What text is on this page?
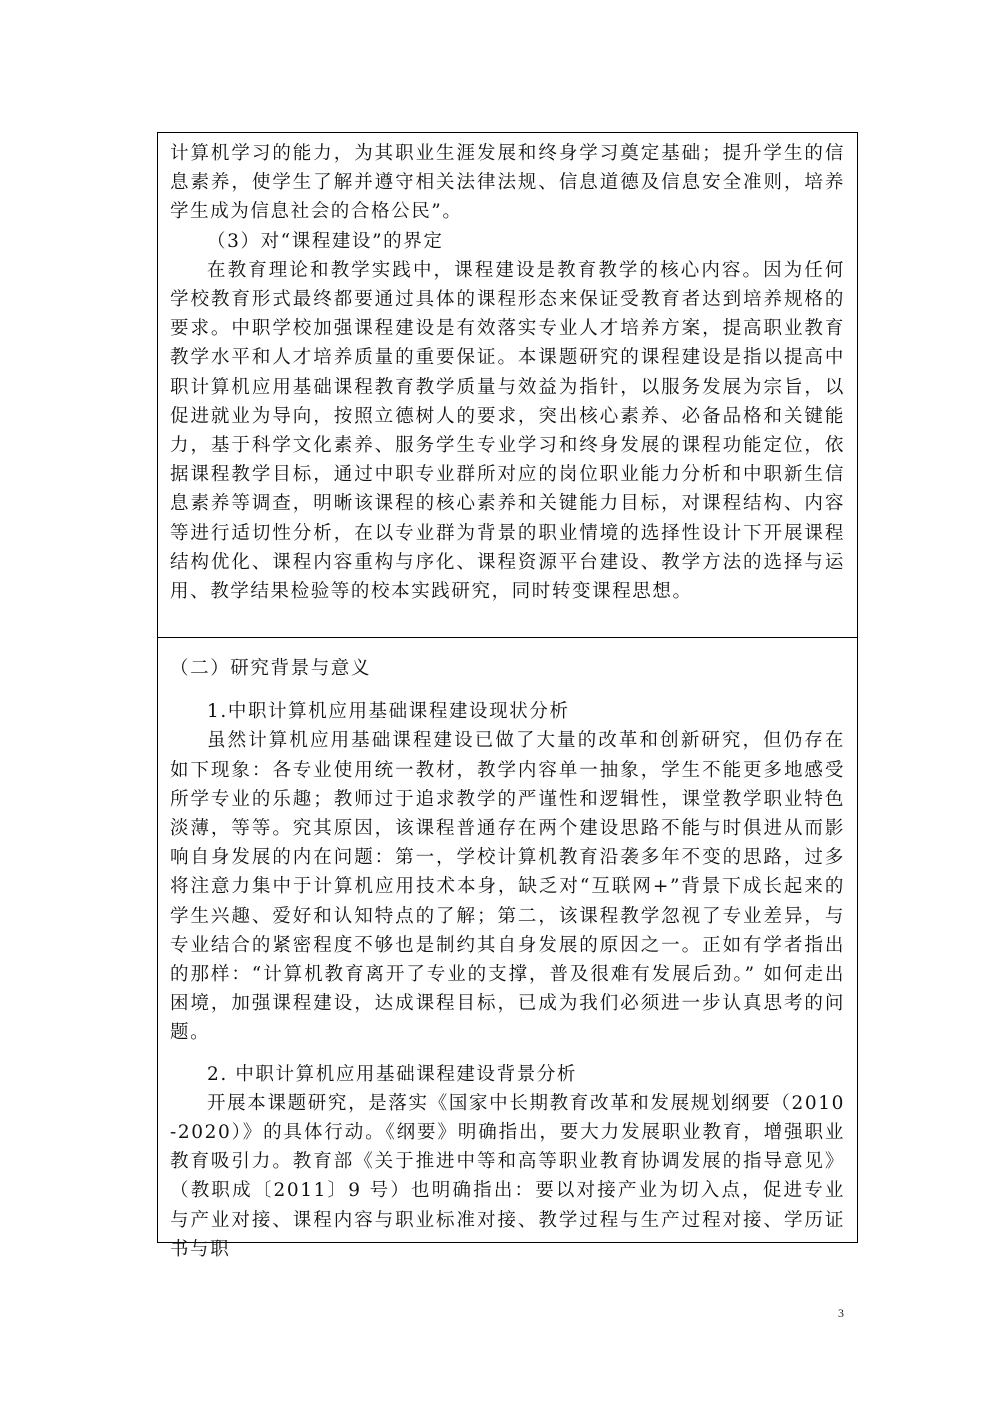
计算机学习的能力，为其职业生涯发展和终身学习奠定基础；提升学生的信息素养，使学生了解并遵守相关法律法规、信息道德及信息安全准则，培养学生成为信息社会的合格公民”。

（3）对“课程建设”的界定

在教育理论和教学实践中，课程建设是教育教学的核心内容。因为任何学校教育形式最终都要通过具体的课程形态来保证受教育者达到培养规格的要求。中职学校加强课程建设是有效落实专业人才培养方案，提高职业教育教学水平和人才培养质量的重要保证。本课题研究的课程建设是指以提高中职计算机应用基础课程教育教学质量与效益为指针，以服务发展为宗旨，以促进就业为导向，按照立德树人的要求，突出核心素养、必备品格和关键能力，基于科学文化素养、服务学生专业学习和终身发展的课程功能定位，依据课程教学目标，通过中职专业群所对应的岗位职业能力分析和中职新生信息素养等调查，明晰该课程的核心素养和关键能力目标，对课程结构、内容等进行适切性分析，在以专业群为背景的职业情境的选择性设计下开展课程结构优化、课程内容重构与序化、课程资源平台建设、教学方法的选择与运用、教学结果检验等的校本实践研究，同时转变课程思想。

（二）研究背景与意义

1.中职计算机应用基础课程建设现状分析

虽然计算机应用基础课程建设已做了大量的改革和创新研究，但仍存在如下现象：各专业使用统一教材，教学内容单一抽象，学生不能更多地感受所学专业的乐趣；教师过于追求教学的严谨性和逻辑性，课堂教学职业特色淡薄，等等。究其原因，该课程普通存在两个建设思路不能与时俱进从而影响自身发展的内在问题：第一，学校计算机教育沿袭多年不变的思路，过多将注意力集中于计算机应用技术本身，缺乏对“互联网+”背景下成长起来的学生兴趣、爱好和认知特点的了解；第二，该课程教学忽视了专业差异，与专业结合的紧密程度不够也是制约其自身发展的原因之一。正如有学者指出的那样：“计算机教育离开了专业的支撑，普及很难有发展后劲。” 如何走出困境，加强课程建设，达成课程目标，已成为我们必须进一步认真思考的问题。

2. 中职计算机应用基础课程建设背景分析

开展本课题研究，是落实《国家中长期教育改革和发展规划纲要（2010-2020）》的具体行动。《纲要》明确指出，要大力发展职业教育，增强职业教育吸引力。教育部《关于推进中等和高等职业教育协调发展的指导意见》（教职成〔2011〕9 号）也明确指出：要以对接产业为切入点，促进专业与产业对接、课程内容与职业标准对接、教学过程与生产过程对接、学历证书与职

3
